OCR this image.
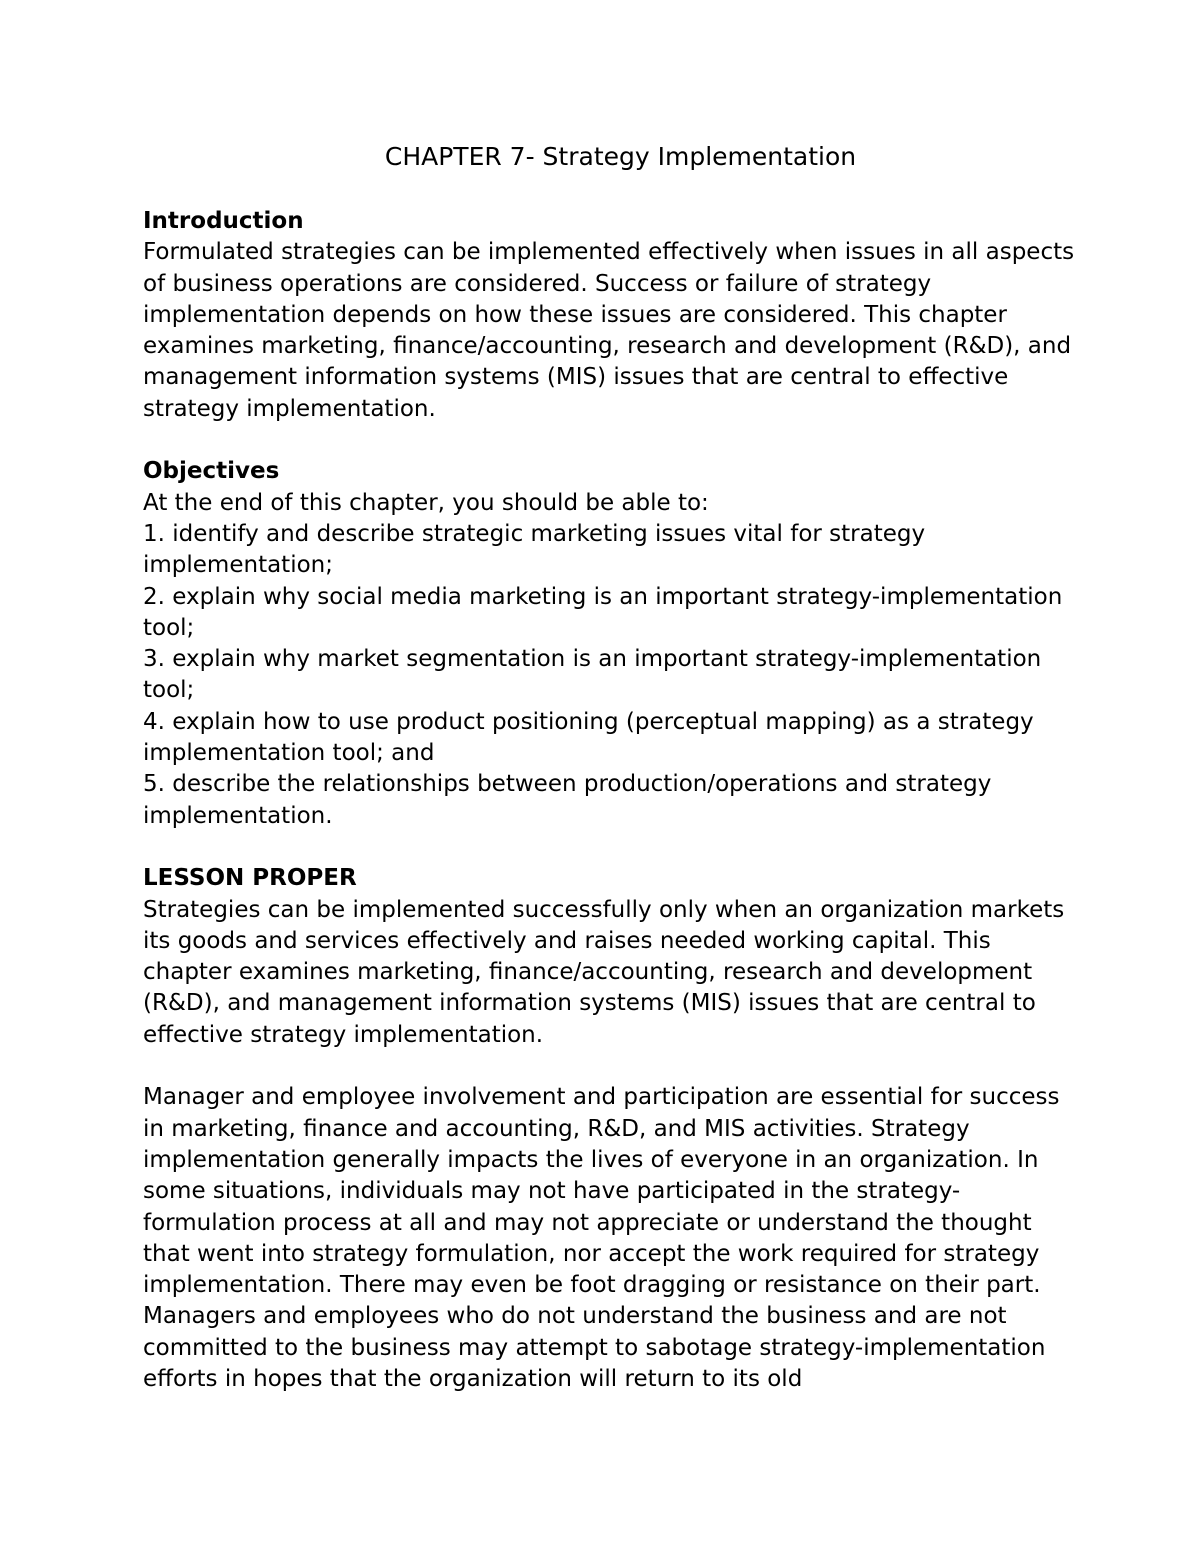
CHAPTER 7- Strategy Implementation
Introduction

Formulated strategies can be implemented effectively when issues in all aspects of business operations are considered. Success or failure of strategy implementation depends on how these issues are considered. This chapter examines marketing, finance/accounting, research and development (R&D), and management information systems (MIS) issues that are central to effective strategy implementation.

Objectives

At the end of this chapter, you should be able to:

1. identify and describe strategic marketing issues vital for strategy implementation;

2. explain why social media marketing is an important strategy-implementation tool;

3. explain why market segmentation is an important strategy-implementation tool;

4. explain how to use product positioning (perceptual mapping) as a strategy implementation tool; and

5. describe the relationships between production/operations and strategy implementation.

LESSON PROPER

Strategies can be implemented successfully only when an organization markets its goods and services effectively and raises needed working capital. This chapter examines marketing, finance/accounting, research and development (R&D), and management information systems (MIS) issues that are central to effective strategy implementation.

Manager and employee involvement and participation are essential for success in marketing, finance and accounting, R&D, and MIS activities. Strategy implementation generally impacts the lives of everyone in an organization. In some situations, individuals may not have participated in the strategy-formulation process at all and may not appreciate or understand the thought that went into strategy formulation, nor accept the work required for strategy implementation. There may even be foot dragging or resistance on their part. Managers and employees who do not understand the business and are not committed to the business may attempt to sabotage strategy-implementation efforts in hopes that the organization will return to its old
